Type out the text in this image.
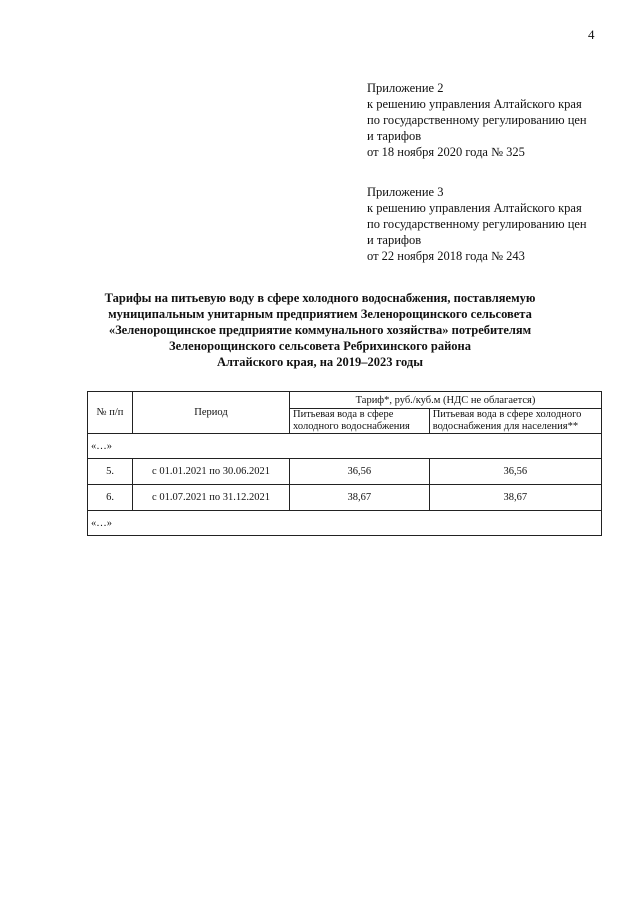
4
Приложение 2
к решению управления Алтайского края
по государственному регулированию цен
и тарифов
от 18 ноября 2020 года № 325
Приложение 3
к решению управления Алтайского края
по государственному регулированию цен
и тарифов
от 22 ноября 2018 года № 243
Тарифы на питьевую воду в сфере холодного водоснабжения, поставляемую
муниципальным унитарным предприятием Зеленорощинского сельсовета
«Зеленорощинское предприятие коммунального хозяйства» потребителям
Зеленорощинского сельсовета Ребрихинского района
Алтайского края, на 2019–2023 годы
№ п/п	Период	Тариф*, руб./куб.м (НДС не облагается)	
		Питьевая вода в сфере холодного водоснабжения	Питьевая вода в сфере холодного водоснабжения для населения**
«…»			
5.	с 01.01.2021 по 30.06.2021	36,56	36,56
6.	с 01.07.2021 по 31.12.2021	38,67	38,67
«…»			
